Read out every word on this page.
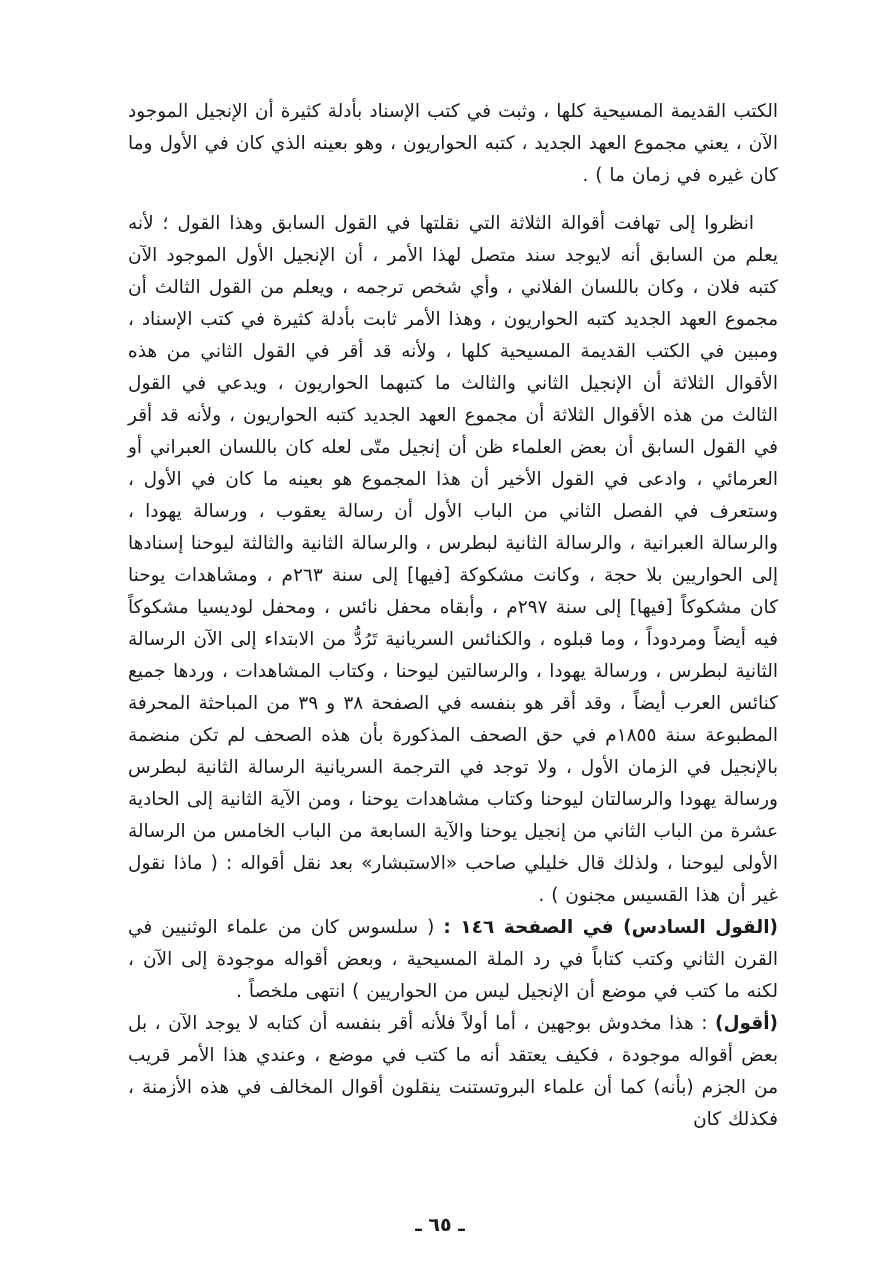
الكتب القديمة المسيحية كلها ، وثبت في كتب الإسناد بأدلة كثيرة أن الإنجيل الموجود الآن ، يعني مجموع العهد الجديد ، كتبه الحواريون ، وهو بعينه الذي كان في الأول وما كان غيره في زمان ما ) .

انظروا إلى تهافت أقوالة الثلاثة التي نقلتها في القول السابق وهذا القول ؛ لأنه يعلم من السابق أنه لايوجد سند متصل لهذا الأمر ، أن الإنجيل الأول الموجود الآن كتبه فلان ، وكان باللسان الفلاني ، وأي شخص ترجمه ، ويعلم من القول الثالث أن مجموع العهد الجديد كتبه الحواريون ، وهذا الأمر ثابت بأدلة كثيرة في كتب الإسناد ، ومبين في الكتب القديمة المسيحية كلها ، ولأنه قد أقر في القول الثاني من هذه الأقوال الثلاثة أن الإنجيل الثاني والثالث ما كتبهما الحواريون ، ويدعي في القول الثالث من هذه الأقوال الثلاثة أن مجموع العهد الجديد كتبه الحواريون ، ولأنه قد أقر في القول السابق أن بعض العلماء ظن أن إنجيل متّى لعله كان باللسان العبراني أو العرمائي ، وادعى في القول الأخير أن هذا المجموع هو بعينه ما كان في الأول ، وستعرف في الفصل الثاني من الباب الأول أن رسالة يعقوب ، ورسالة يهودا ، والرسالة العبرانية ، والرسالة الثانية لبطرس ، والرسالة الثانية والثالثة ليوحنا إسنادها إلى الحواريين بلا حجة ، وكانت مشكوكة [فيها] إلى سنة ٢٦٣م ، ومشاهدات يوحنا كان مشكوكاً [فيها] إلى سنة ٢٩٧م ، وأبقاه محفل نائس ، ومحفل لوديسيا مشكوكاً فيه أيضاً ومردوداً ، وما قبلوه ، والكنائس السريانية تَرُدُّ من الابتداء إلى الآن الرسالة الثانية لبطرس ، ورسالة يهودا ، والرسالتين ليوحنا ، وكتاب المشاهدات ، وردها جميع كنائس العرب أيضاً ، وقد أقر هو بنفسه في الصفحة ٣٨ و ٣٩ من المباحثة المحرفة المطبوعة سنة ١٨٥٥م في حق الصحف المذكورة بأن هذه الصحف لم تكن منضمة بالإنجيل في الزمان الأول ، ولا توجد في الترجمة السريانية الرسالة الثانية لبطرس ورسالة يهودا والرسالتان ليوحنا وكتاب مشاهدات يوحنا ، ومن الآية الثانية إلى الحادية عشرة من الباب الثاني من إنجيل يوحنا والآية السابعة من الباب الخامس من الرسالة الأولى ليوحنا ، ولذلك قال خليلي صاحب «الاستبشار» بعد نقل أقواله : ( ماذا نقول غير أن هذا القسيس مجنون ) .

(القول السادس) في الصفحة ١٤٦ : ( سلسوس كان من علماء الوثنيين في القرن الثاني وكتب كتاباً في رد الملة المسيحية ، وبعض أقواله موجودة إلى الآن ، لكنه ما كتب في موضع أن الإنجيل ليس من الحواريين ) انتهى ملخصاً .

(أقول) : هذا مخدوش بوجهين ، أما أولاً فلأنه أقر بنفسه أن كتابه لا يوجد الآن ، بل بعض أقواله موجودة ، فكيف يعتقد أنه ما كتب في موضع ، وعندي هذا الأمر قريب من الجزم (بأنه) كما أن علماء البروتستنت ينقلون أقوال المخالف في هذه الأزمنة ، فكذلك كان

ـ ٦٥ ـ
